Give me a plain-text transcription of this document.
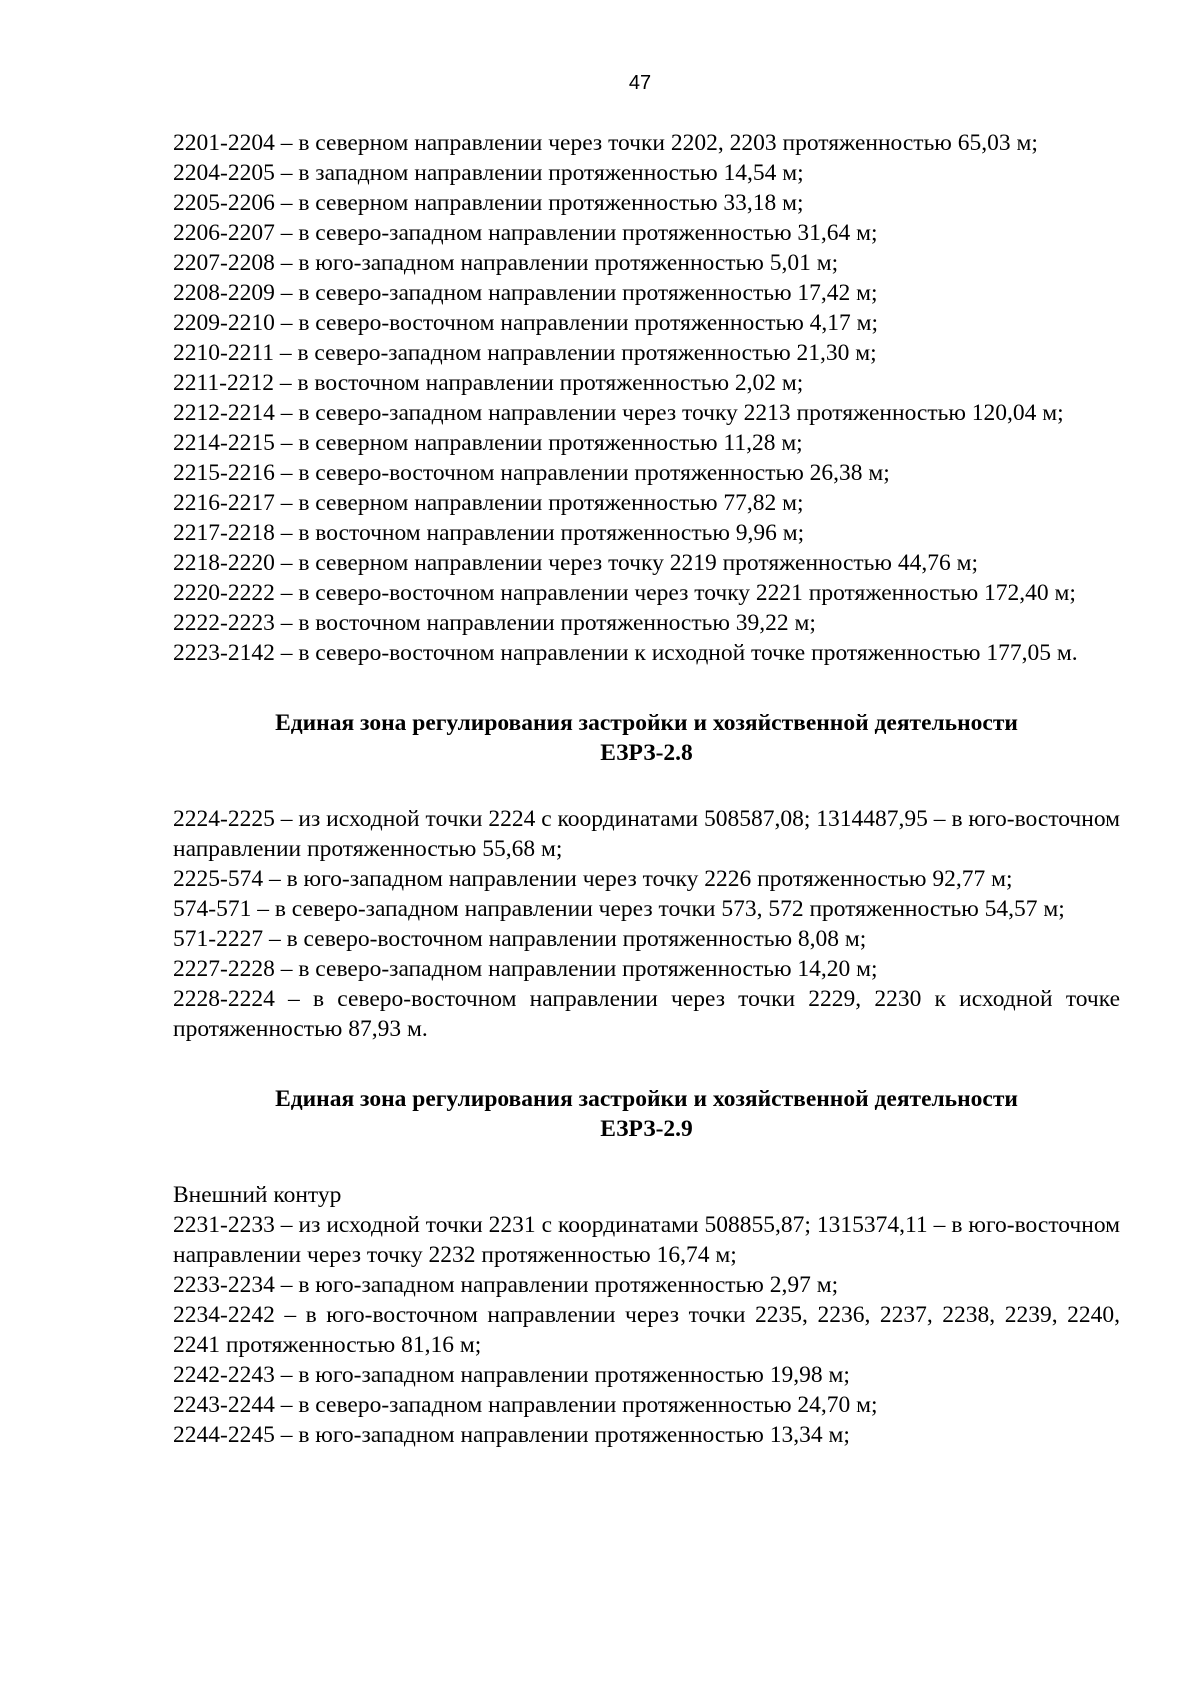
47

2201-2204 – в северном направлении через точки 2202, 2203 протяженностью 65,03 м;

2204-2205 – в западном направлении протяженностью 14,54 м;

2205-2206 – в северном направлении протяженностью 33,18 м;

2206-2207 – в северо-западном направлении протяженностью 31,64 м;

2207-2208 – в юго-западном направлении протяженностью 5,01 м;

2208-2209 – в северо-западном направлении протяженностью 17,42 м;

2209-2210 – в северо-восточном направлении протяженностью 4,17 м;

2210-2211 – в северо-западном направлении протяженностью 21,30 м;

2211-2212 – в восточном направлении протяженностью 2,02 м;

2212-2214 – в северо-западном направлении через точку 2213 протяженностью 120,04 м;

2214-2215 – в северном направлении протяженностью 11,28 м;

2215-2216 – в северо-восточном направлении протяженностью 26,38 м;

2216-2217 – в северном направлении протяженностью 77,82 м;

2217-2218 – в восточном направлении протяженностью 9,96 м;

2218-2220 – в северном направлении через точку 2219 протяженностью 44,76 м;

2220-2222 – в северо-восточном направлении через точку 2221 протяженностью 172,40 м;

2222-2223 – в восточном направлении протяженностью 39,22 м;

2223-2142 – в северо-восточном направлении к исходной точке протяженностью 177,05 м.

Единая зона регулирования застройки и хозяйственной деятельности

ЕЗРЗ-2.8

2224-2225 – из исходной точки 2224 с координатами 508587,08; 1314487,95 – в юго-восточном направлении протяженностью 55,68 м;

2225-574 – в юго-западном направлении через точку 2226 протяженностью 92,77 м;

574-571 – в северо-западном направлении через точки 573, 572 протяженностью 54,57 м;

571-2227 – в северо-восточном направлении протяженностью 8,08 м;

2227-2228 – в северо-западном направлении протяженностью 14,20 м;

2228-2224 – в северо-восточном направлении через точки 2229, 2230 к исходной точке протяженностью 87,93 м.

Единая зона регулирования застройки и хозяйственной деятельности

ЕЗРЗ-2.9

Внешний контур

2231-2233 – из исходной точки 2231 с координатами 508855,87; 1315374,11 – в юго-восточном направлении через точку 2232 протяженностью 16,74 м;

2233-2234 – в юго-западном направлении протяженностью 2,97 м;

2234-2242 – в юго-восточном направлении через точки 2235, 2236, 2237, 2238, 2239, 2240, 2241 протяженностью 81,16 м;

2242-2243 – в юго-западном направлении протяженностью 19,98 м;

2243-2244 – в северо-западном направлении протяженностью 24,70 м;

2244-2245 – в юго-западном направлении протяженностью 13,34 м;
